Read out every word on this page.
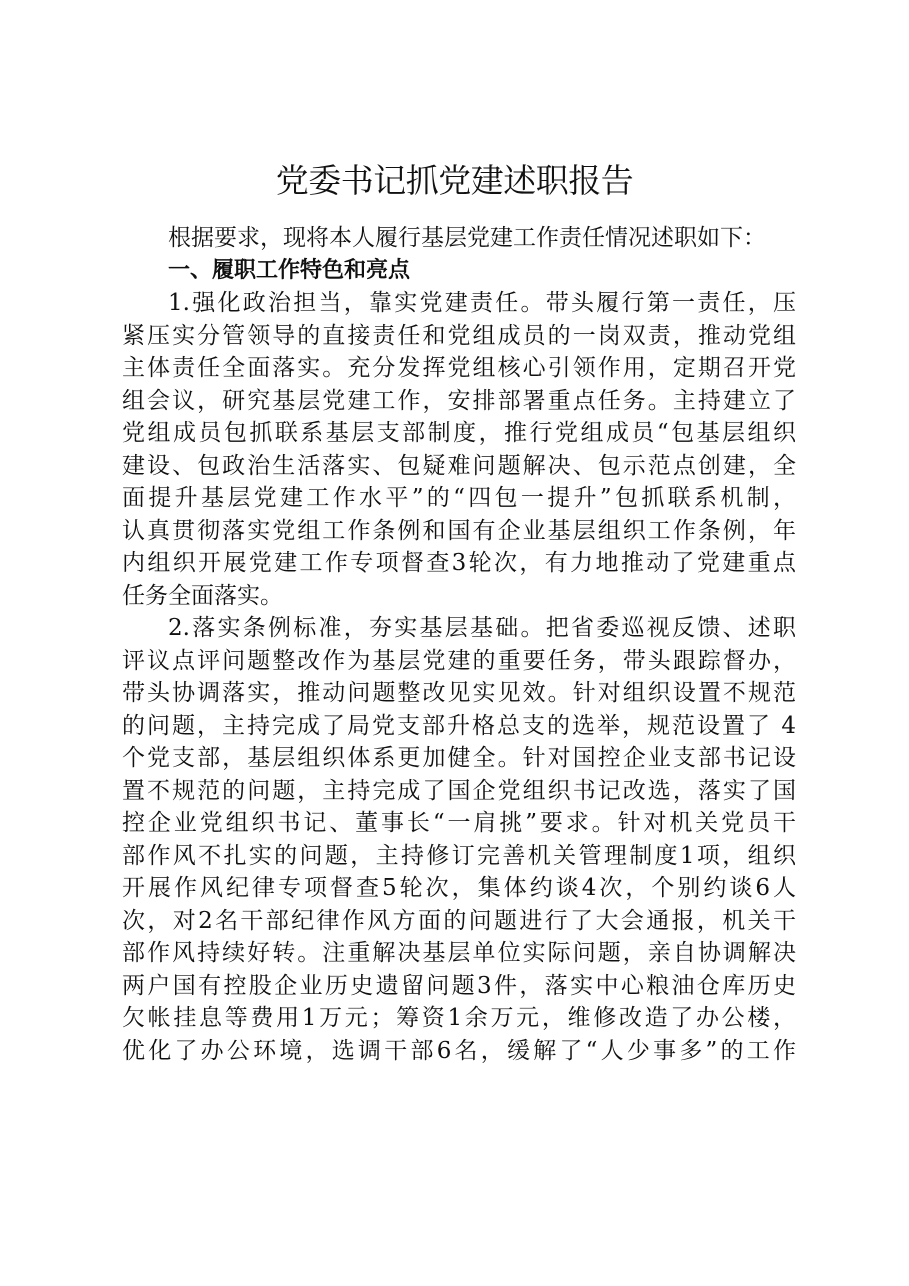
党委书记抓党建述职报告
根据要求，现将本人履行基层党建工作责任情况述职如下：
一、履职工作特色和亮点
1.强化政治担当，靠实党建责任。带头履行第一责任，压
紧压实分管领导的直接责任和党组成员的一岗双责，推动党组
主体责任全面落实。充分发挥党组核心引领作用，定期召开党
组会议，研究基层党建工作，安排部署重点任务。主持建立了
党组成员包抓联系基层支部制度，推行党组成员“包基层组织
建设、包政治生活落实、包疑难问题解决、包示范点创建，全
面提升基层党建工作水平”的“四包一提升”包抓联系机制，
认真贯彻落实党组工作条例和国有企业基层组织工作条例，年
内组织开展党建工作专项督查3轮次，有力地推动了党建重点
任务全面落实。
2.落实条例标准，夯实基层基础。把省委巡视反馈、述职
评议点评问题整改作为基层党建的重要任务，带头跟踪督办，
带头协调落实，推动问题整改见实见效。针对组织设置不规范
的问题，主持完成了局党支部升格总支的选举，规范设置了 4
个党支部，基层组织体系更加健全。针对国控企业支部书记设
置不规范的问题，主持完成了国企党组织书记改选，落实了国
控企业党组织书记、董事长“一肩挑”要求。针对机关党员干
部作风不扎实的问题，主持修订完善机关管理制度1项，组织
开展作风纪律专项督查5轮次，集体约谈4次，个别约谈6人
次，对2名干部纪律作风方面的问题进行了大会通报，机关干
部作风持续好转。注重解决基层单位实际问题，亲自协调解决
两户国有控股企业历史遗留问题3件，落实中心粮油仓库历史
欠帐挂息等费用1万元；筹资1余万元，维修改造了办公楼，
优化了办公环境，选调干部6名，缓解了“人少事多”的工作
